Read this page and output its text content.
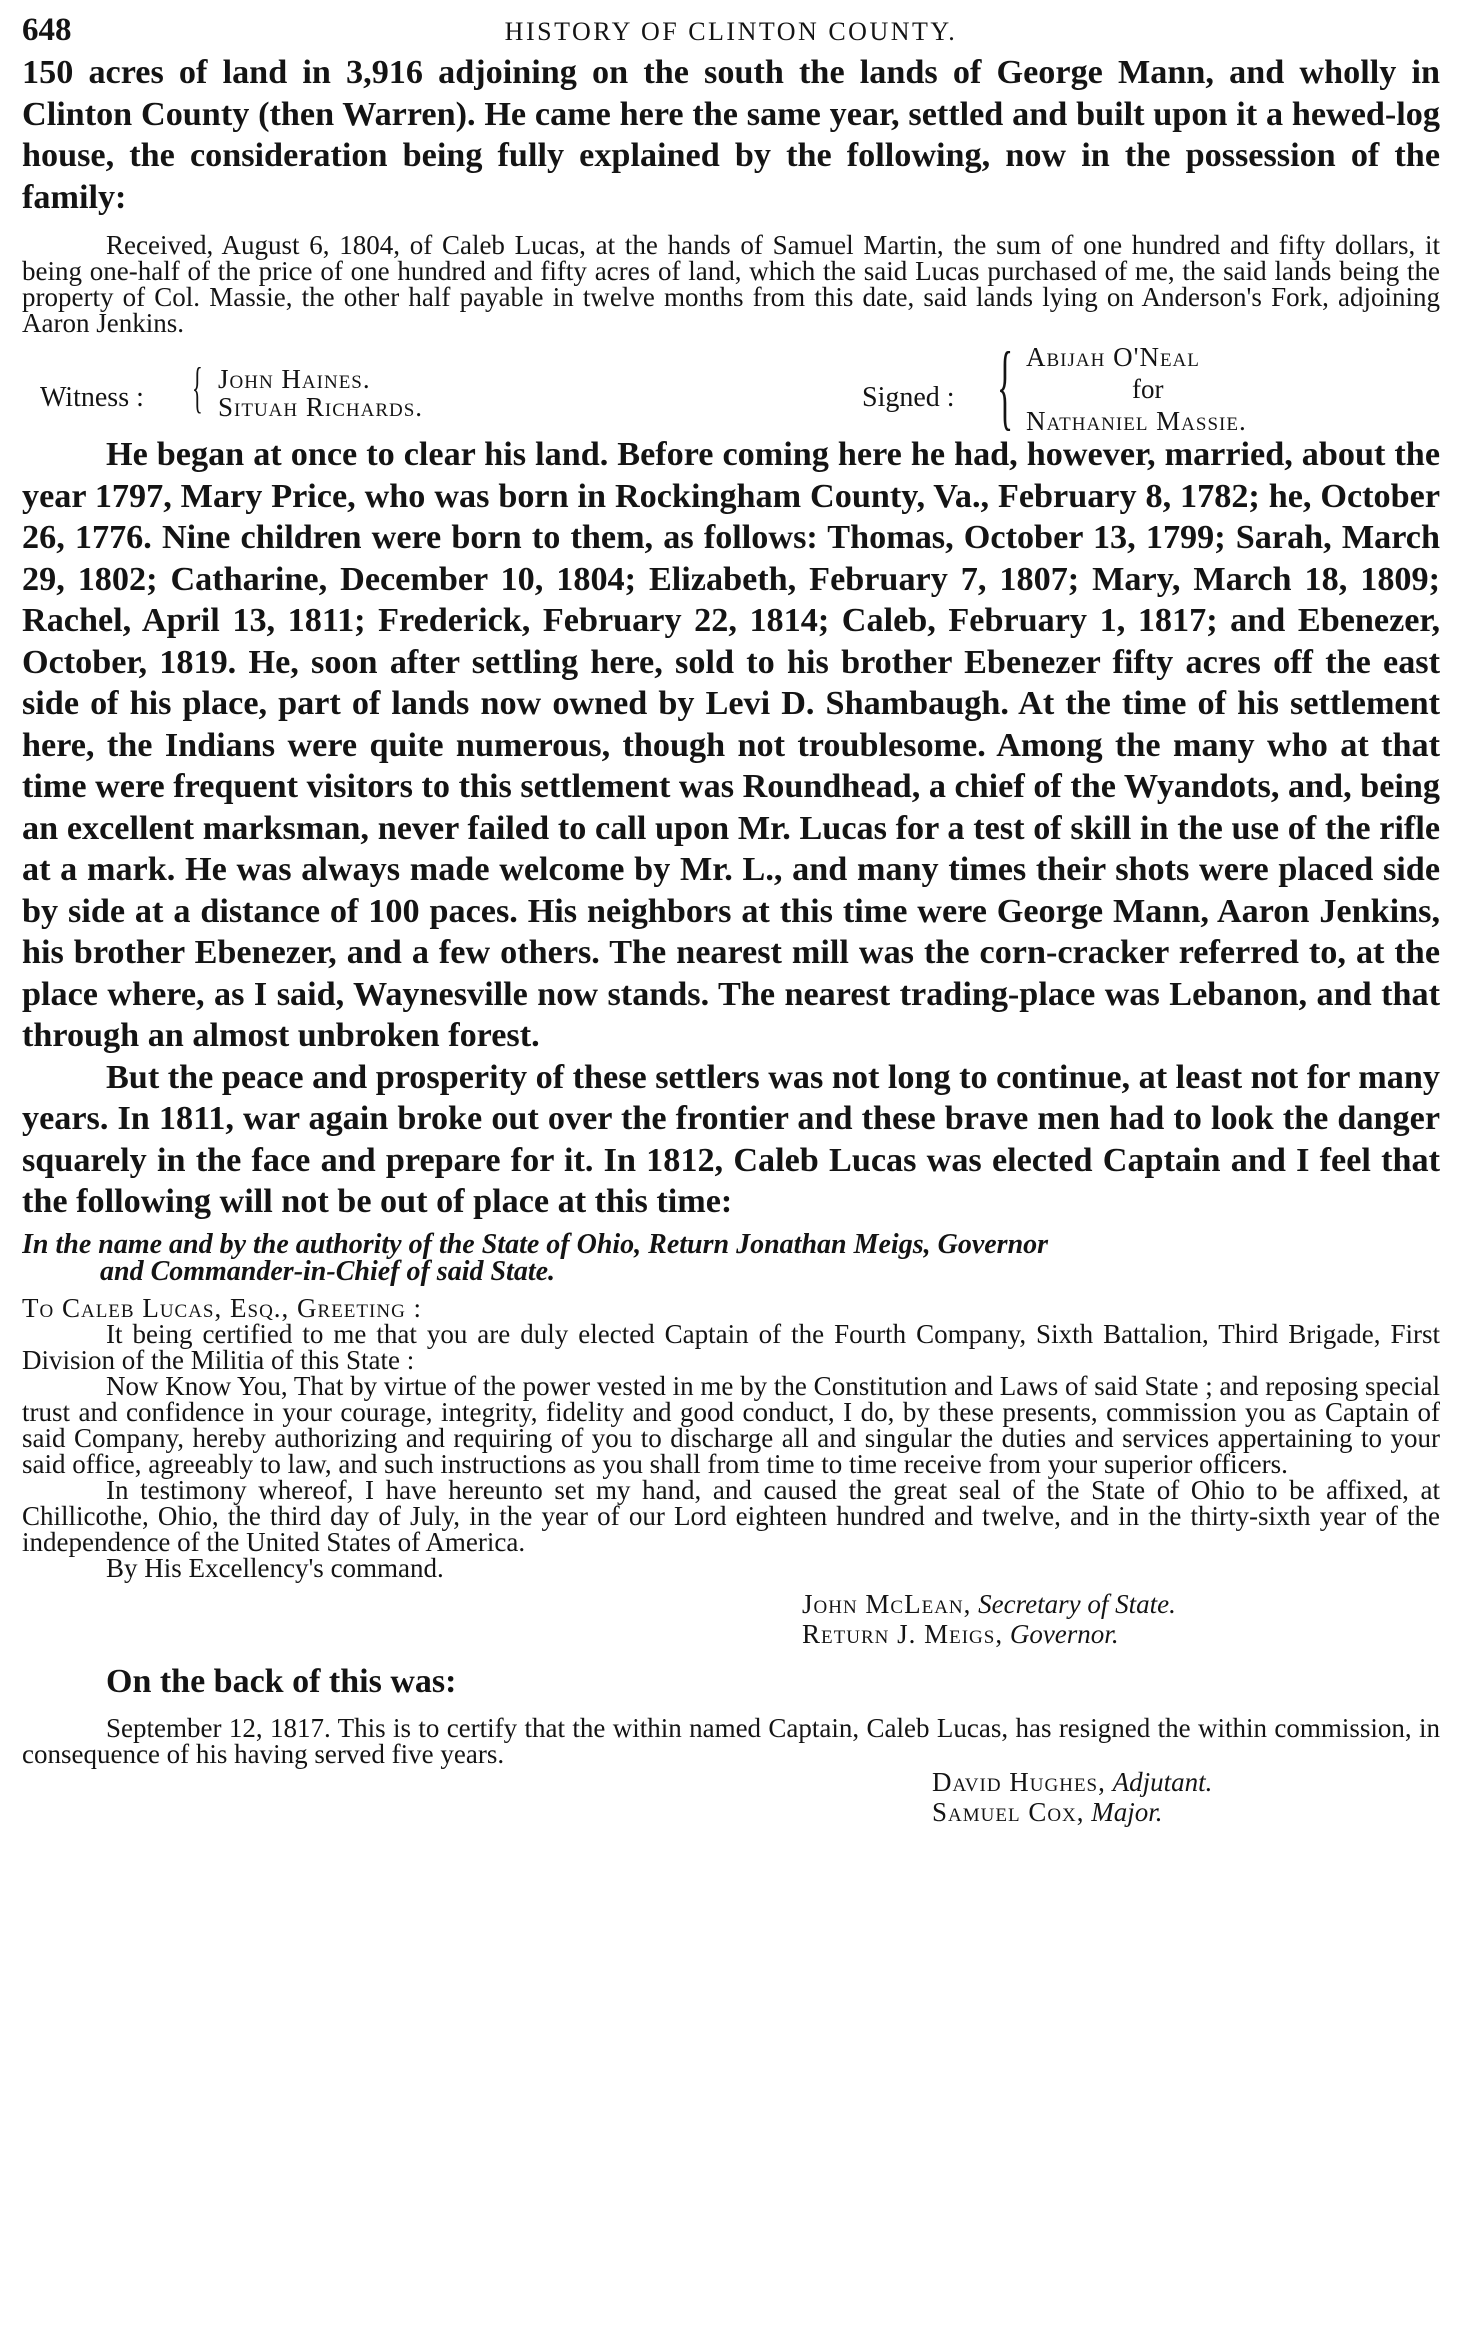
648	HISTORY OF CLINTON COUNTY.

150 acres of land in 3,916 adjoining on the south the lands of George Mann, and wholly in Clinton County (then Warren). He came here the same year, settled and built upon it a hewed-log house, the consideration being fully explained by the following, now in the possession of the family:

Received, August 6, 1804, of Caleb Lucas, at the hands of Samuel Martin, the sum of one hundred and fifty dollars, it being one-half of the price of one hundred and fifty acres of land, which the said Lucas purchased of me, the said lands being the property of Col. Massie, the other half payable in twelve months from this date, said lands lying on Anderson's Fork, adjoining Aaron Jenkins.

Witness : { John Haines.
Situah Richards.	Signed : { Abijah O'Neal
for
Nathaniel Massie.

He began at once to clear his land. Before coming here he had, however, married, about the year 1797, Mary Price, who was born in Rockingham County, Va., February 8, 1782; he, October 26, 1776. Nine children were born to them, as follows: Thomas, October 13, 1799; Sarah, March 29, 1802; Catharine, December 10, 1804; Elizabeth, February 7, 1807; Mary, March 18, 1809; Rachel, April 13, 1811; Frederick, February 22, 1814; Caleb, February 1, 1817; and Ebenezer, October, 1819. He, soon after settling here, sold to his brother Ebenezer fifty acres off the east side of his place, part of lands now owned by Levi D. Shambaugh. At the time of his settlement here, the Indians were quite numerous, though not troublesome. Among the many who at that time were frequent visitors to this settlement was Roundhead, a chief of the Wyandots, and, being an excellent marksman, never failed to call upon Mr. Lucas for a test of skill in the use of the rifle at a mark. He was always made welcome by Mr. L., and many times their shots were placed side by side at a distance of 100 paces. His neighbors at this time were George Mann, Aaron Jenkins, his brother Ebenezer, and a few others. The nearest mill was the corn-cracker referred to, at the place where, as I said, Waynesville now stands. The nearest trading-place was Lebanon, and that through an almost unbroken forest.

But the peace and prosperity of these settlers was not long to continue, at least not for many years. In 1811, war again broke out over the frontier and these brave men had to look the danger squarely in the face and prepare for it. In 1812, Caleb Lucas was elected Captain and I feel that the following will not be out of place at this time:

In the name and by the authority of the State of Ohio, Return Jonathan Meigs, Governor
and Commander-in-Chief of said State.

To Caleb Lucas, Esq., Greeting :

It being certified to me that you are duly elected Captain of the Fourth Company, Sixth Battalion, Third Brigade, First Division of the Militia of this State :

Now Know You, That by virtue of the power vested in me by the Constitution and Laws of said State ; and reposing special trust and confidence in your courage, integrity, fidelity and good conduct, I do, by these presents, commission you as Captain of said Company, hereby authorizing and requiring of you to discharge all and singular the duties and services appertaining to your said office, agreeably to law, and such instructions as you shall from time to time receive from your superior officers.

In testimony whereof, I have hereunto set my hand, and caused the great seal of the State of Ohio to be affixed, at Chillicothe, Ohio, the third day of July, in the year of our Lord eighteen hundred and twelve, and in the thirty-sixth year of the independence of the United States of America.

By His Excellency's command.

John McLean, Secretary of State.
Return J. Meigs, Governor.
On the back of this was:

September 12, 1817. This is to certify that the within named Captain, Caleb Lucas, has resigned the within commission, in consequence of his having served five years.

David Hughes, Adjutant.
Samuel Cox, Major.
